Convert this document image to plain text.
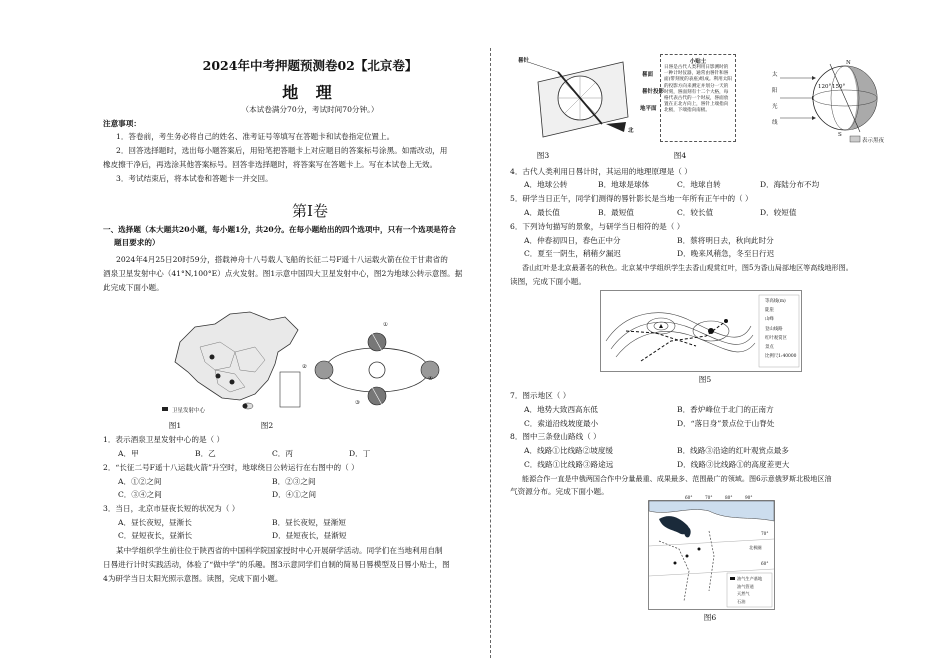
2024年中考押题预测卷02【北京卷】
地 理
（本试卷满分70分，考试时间70分钟。）
注意事项：
1．答卷前，考生务必将自己的姓名、准考证号等填写在答题卡和试卷指定位置上。
2．回答选择题时，选出每小题答案后，用铅笔把答题卡上对应题目的答案标号涂黑。如需改动，用
橡皮擦干净后，再选涂其他答案标号。回答非选择题时，将答案写在答题卡上。写在本试卷上无效。
3．考试结束后，将本试卷和答题卡一并交回。
第Ⅰ卷
一、选择题（本大题共20小题，每小题1分，共20分。在每小题给出的四个选项中，只有一个选项是符合
题目要求的）
2024年4月25日20时59分，搭载神舟十八号载人飞船的长征二号F遥十八运载火箭在位于甘肃省的
酒泉卫星发射中心（41°N,100°E）点火发射。图1示意中国四大卫星发射中心，图2为地球公转示意图。据
此完成下面小题。
卫星发射中心
①
②
③
④
图1	图2
1．表示酒泉卫星发射中心的是（ ）
A．甲	B．乙	C．丙	D．丁
2．“长征二号F遥十八运载火箭”升空时，地球绕日公转运行在右图中的（ ）
A．①②之间	B．②③之间
C．③④之间	D．④①之间
3．当日，北京市昼夜长短的状况为（ ）
A．昼长夜短，昼渐长	B．昼长夜短，昼渐短
C．昼短夜长，昼渐长	D．昼短夜长，昼渐短
某中学组织学生前往位于陕西省的中国科学院国家授时中心开展研学活动。同学们在当地利用自制
日晷进行计时实践活动，体验了“做中学”的乐趣。图3示意同学们自制的简易日晷模型及日晷小贴士，图
4为研学当日太阳光照示意图。读图，完成下面小题。
晷针
晷面
晷针投影
地平面
北
小贴士
日晷是古代人类利用日影测时的一种计时仪器，通常由晷针和晷面(带刻度的表座)组成。利用太阳的投影方向来测定并划分一天的时刻，晷面刻有十二个大格，每格代表古代的一个时辰，晷面放置在正北方向上，晷针上端指向北极，下端指向南极。
太
阳
光
线
N
S
120° 150°
表示黑夜
图3	图4
4．古代人类利用日晷计时，其运用的地理原理是（ ）
A．地球公转	B．地球是球体	C．地球自转	D．海陆分布不均
5．研学当日正午，同学们测得的晷针影长是当地一年所有正午中的（ ）
A．最长值	B．最短值	C．较长值	D．较短值
6．下列诗句描写的景象，与研学当日相符的是（ ）
A．仲春初四日，春色正中分	B．蔡将明日去，秋向此时分
C．夏至一阴生，稍稍夕漏迟	D．晚来风稍急，冬至日行迟
香山红叶是北京最著名的秋色。北京某中学组织学生去香山观赏红叶，图5为香山局部地区等高线地形图。
读图，完成下面小题。
等高线(m)
陡崖
山峰
登山线路
红叶观赏区
景点
比例尺1:40000
图5
7．图示地区（ ）
A．地势大致西高东低	B．香炉峰位于北门的正南方
C．索道沿线坡度最小	D．“落日身”景点位于山脊处
8．图中三条登山路线（ ）
A．线路①比线路②坡度缓	B．线路③沿途的红叶观赏点最多
C．线路①比线路③路途远	D．线路③比线路①的高度差更大
能源合作一直是中俄两国合作中分量最重、成果最多、范围最广的领域。图6示意俄罗斯北极地区油
气资源分布。完成下面小题。
油气生产基地
油气管道
天然气
石油
60°	70°	80°	90°
70°
60°
北极圈
图6
